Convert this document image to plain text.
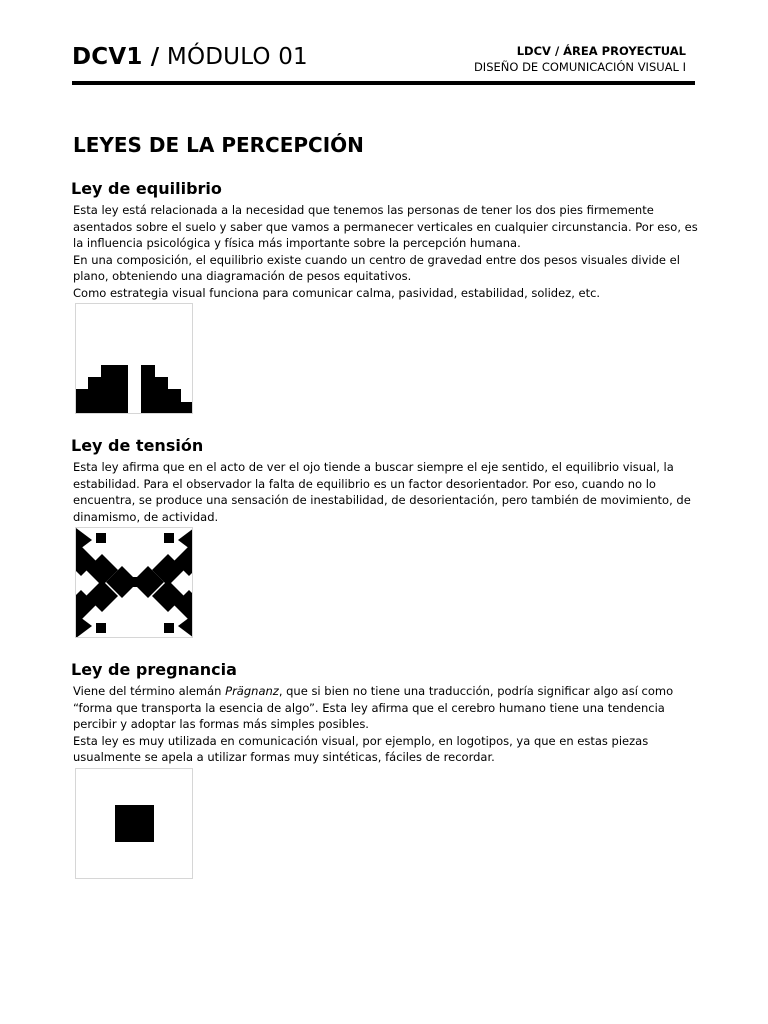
DCV1 / MÓDULO 01	LDCV / ÁREA PROYECTUAL
DISEÑO DE COMUNICACIÓN VISUAL I
LEYES DE LA PERCEPCIÓN
Ley de equilibrio

Esta ley está relacionada a la necesidad que tenemos las personas de tener los dos pies firmemente asentados sobre el suelo y saber que vamos a permanecer verticales en cualquier circunstancia. Por eso, es la influencia psicológica y física más importante sobre la percepción humana.

En una composición, el equilibrio existe cuando un centro de gravedad entre dos pesos visuales divide el plano, obteniendo una diagramación de pesos equitativos.

Como estrategia visual funciona para comunicar calma, pasividad, estabilidad, solidez, etc.

Ley de tensión

Esta ley afirma que en el acto de ver el ojo tiende a buscar siempre el eje sentido, el equilibrio visual, la estabilidad. Para el observador la falta de equilibrio es un factor desorientador. Por eso, cuando no lo encuentra, se produce una sensación de inestabilidad, de desorientación, pero también de movimiento, de dinamismo, de actividad.

Ley de pregnancia

Viene del término alemán Prägnanz, que si bien no tiene una traducción, podría significar algo así como “forma que transporta la esencia de algo”. Esta ley afirma que el cerebro humano tiene una tendencia percibir y adoptar las formas más simples posibles.

Esta ley es muy utilizada en comunicación visual, por ejemplo, en logotipos, ya que en estas piezas usualmente se apela a utilizar formas muy sintéticas, fáciles de recordar.
